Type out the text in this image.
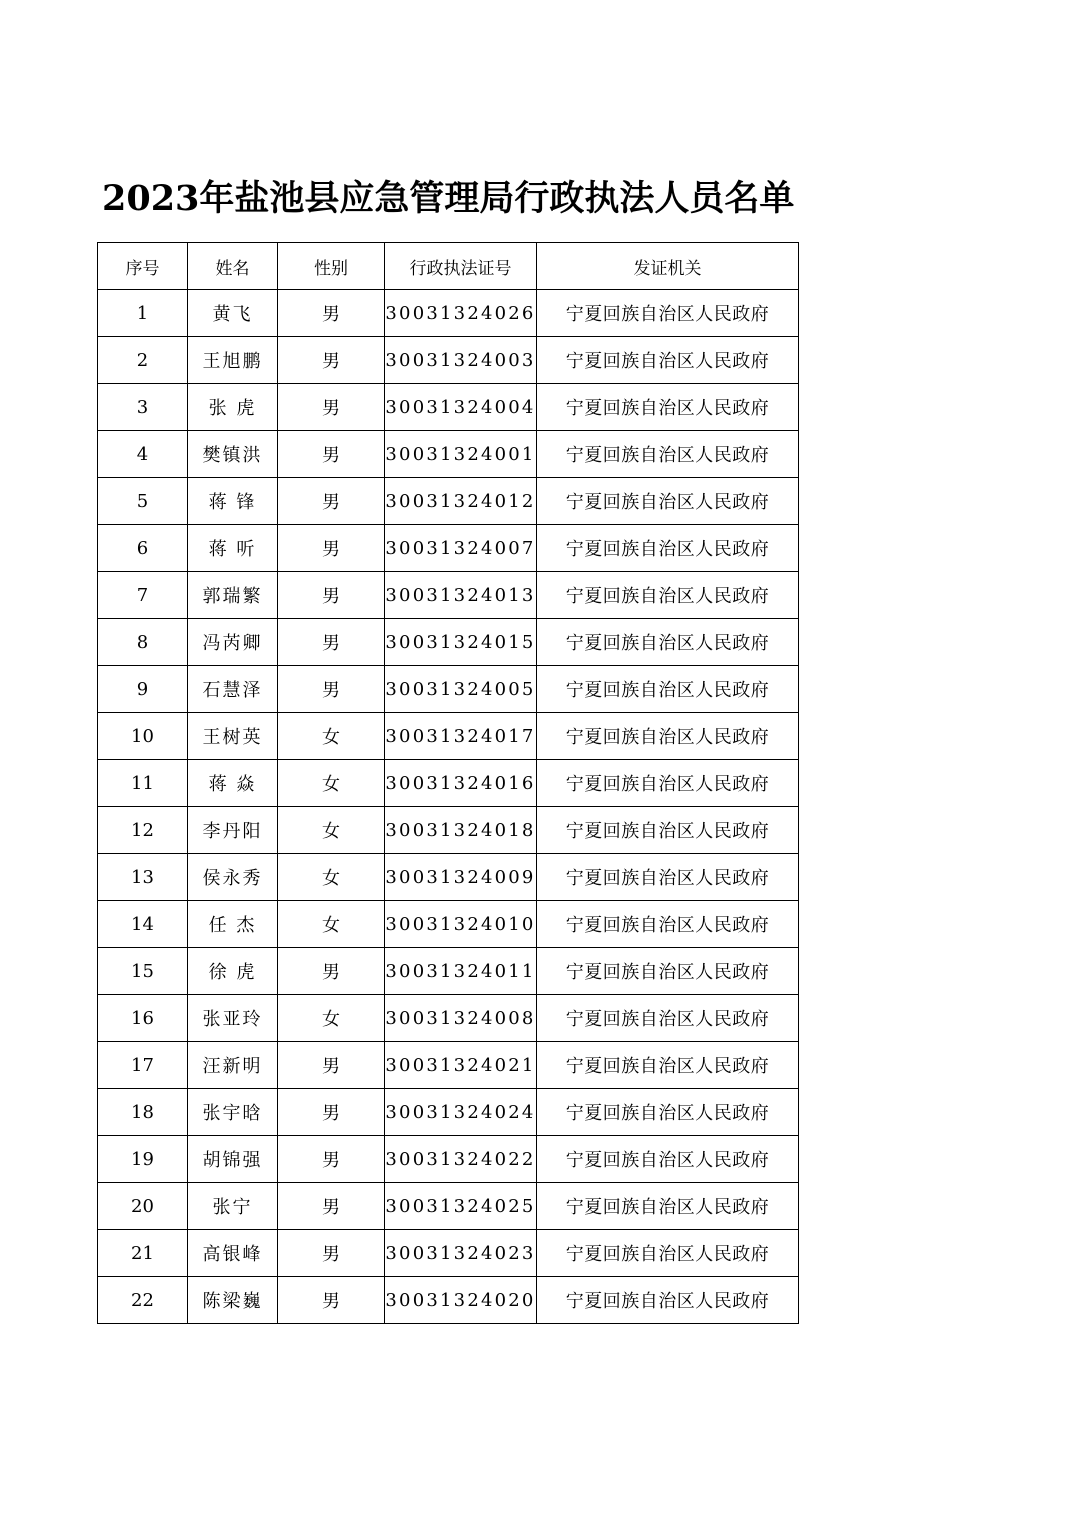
2023年盐池县应急管理局行政执法人员名单
序号	姓名	性别	行政执法证号	发证机关
1	黄飞	男	30031324026	宁夏回族自治区人民政府
2	王旭鹏	男	30031324003	宁夏回族自治区人民政府
3	张 虎	男	30031324004	宁夏回族自治区人民政府
4	樊镇洪	男	30031324001	宁夏回族自治区人民政府
5	蒋 锋	男	30031324012	宁夏回族自治区人民政府
6	蒋 听	男	30031324007	宁夏回族自治区人民政府
7	郭瑞繁	男	30031324013	宁夏回族自治区人民政府
8	冯芮卿	男	30031324015	宁夏回族自治区人民政府
9	石慧泽	男	30031324005	宁夏回族自治区人民政府
10	王树英	女	30031324017	宁夏回族自治区人民政府
11	蒋 焱	女	30031324016	宁夏回族自治区人民政府
12	李丹阳	女	30031324018	宁夏回族自治区人民政府
13	侯永秀	女	30031324009	宁夏回族自治区人民政府
14	任 杰	女	30031324010	宁夏回族自治区人民政府
15	徐 虎	男	30031324011	宁夏回族自治区人民政府
16	张亚玲	女	30031324008	宁夏回族自治区人民政府
17	汪新明	男	30031324021	宁夏回族自治区人民政府
18	张宇晗	男	30031324024	宁夏回族自治区人民政府
19	胡锦强	男	30031324022	宁夏回族自治区人民政府
20	张宁	男	30031324025	宁夏回族自治区人民政府
21	高银峰	男	30031324023	宁夏回族自治区人民政府
22	陈梁巍	男	30031324020	宁夏回族自治区人民政府
